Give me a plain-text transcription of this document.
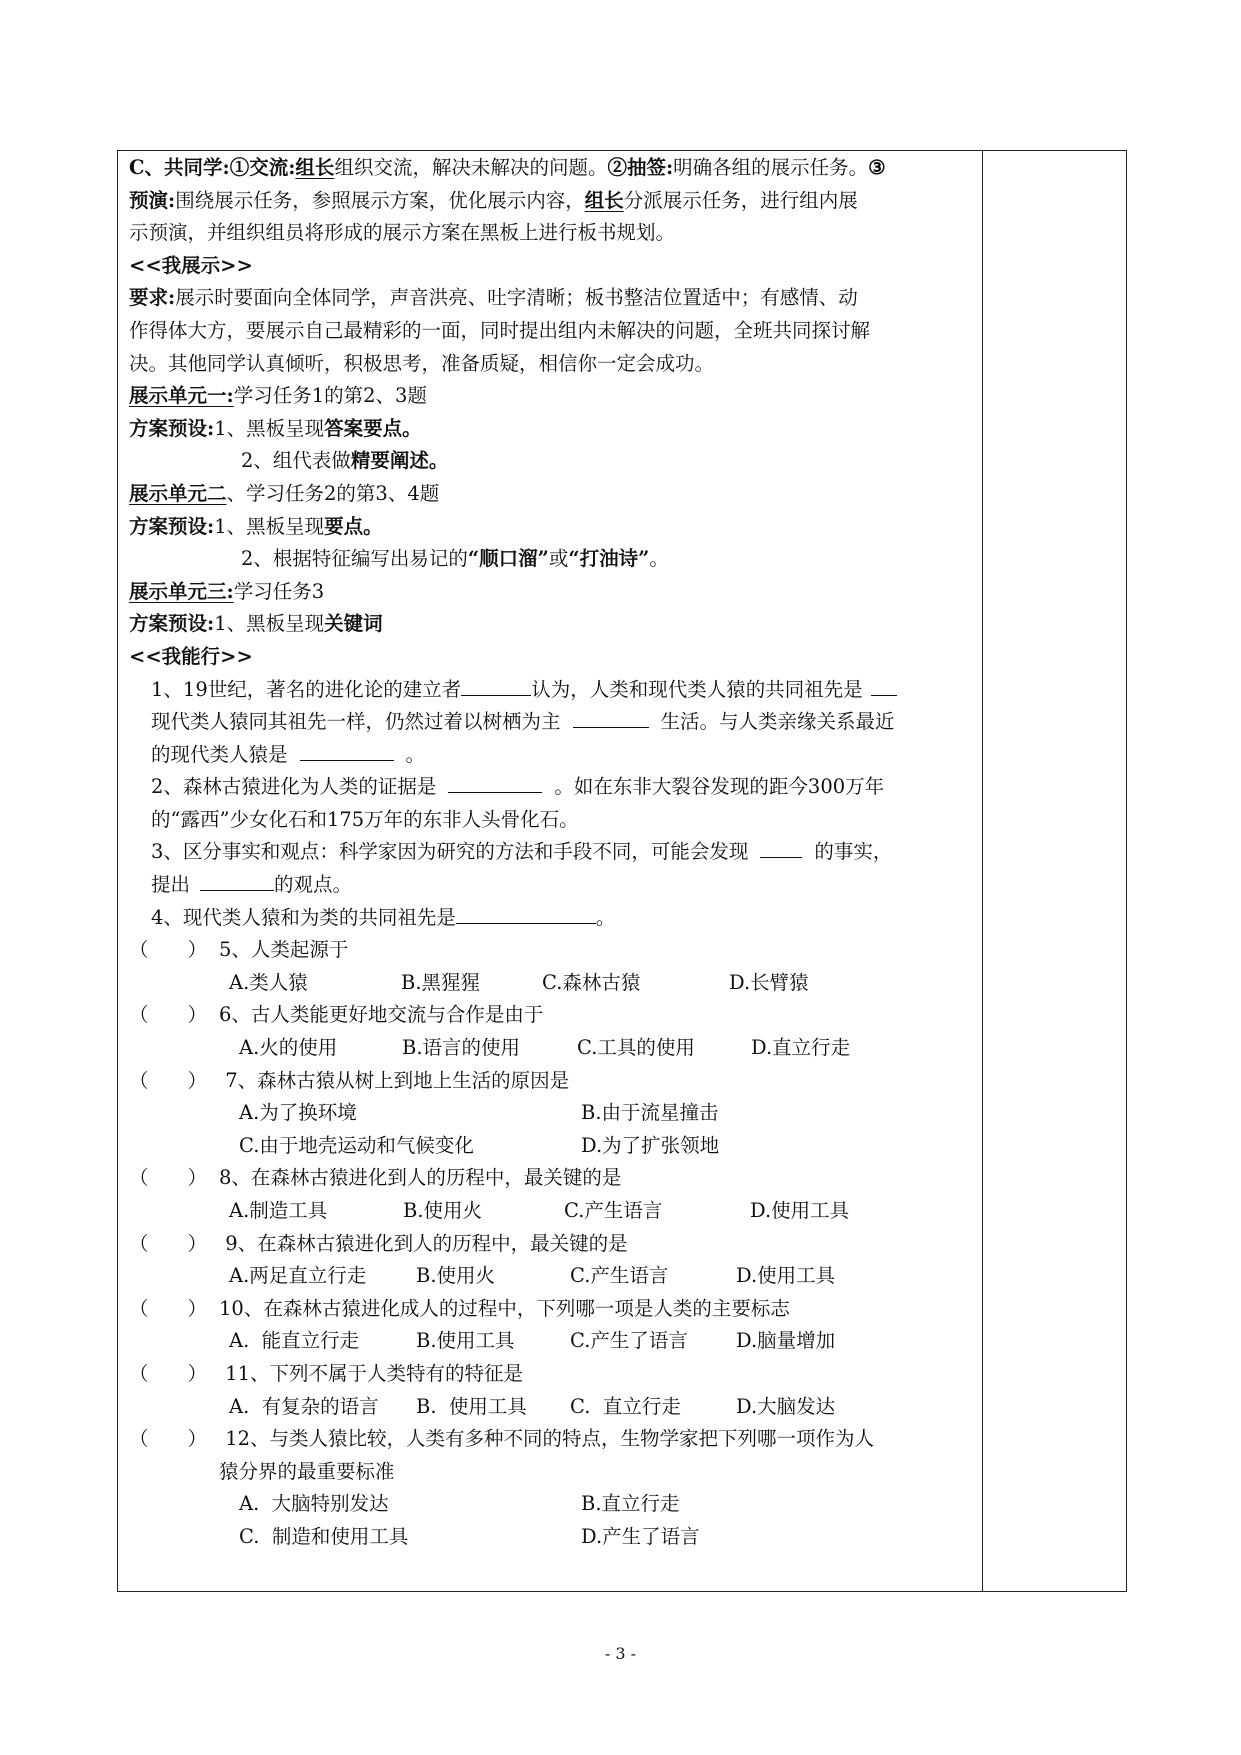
C、共同学:①交流:组长组织交流，解决未解决的问题。②抽签:明确各组的展示任务。③
预演:围绕展示任务，参照展示方案，优化展示内容，组长分派展示任务，进行组内展
示预演，并组织组员将形成的展示方案在黑板上进行板书规划。
<<我展示>>
要求:展示时要面向全体同学，声音洪亮、吐字清晰；板书整洁位置适中；有感情、动
作得体大方，要展示自己最精彩的一面，同时提出组内未解决的问题，全班共同探讨解
决。其他同学认真倾听，积极思考，准备质疑，相信你一定会成功。
展示单元一:学习任务1的第2、3题
方案预设:1、黑板呈现答案要点。
2、组代表做精要阐述。
展示单元二、学习任务2的第3、4题
方案预设:1、黑板呈现要点。
2、根据特征编写出易记的“顺口溜”或“打油诗”。
展示单元三:学习任务3
方案预设:1、黑板呈现关键词
<<我能行>>
1、19世纪，著名的进化论的建立者	认为，人类和现代类人猿的共同祖先是
现代类人猿同其祖先一样，仍然过着以树栖为主	生活。与人类亲缘关系最近
的现代类人猿是	。
2、森林古猿进化为人类的证据是	。如在东非大裂谷发现的距今300万年
的“露西”少女化石和175万年的东非人头骨化石。
3、区分事实和观点：科学家因为研究的方法和手段不同，可能会发现	的事实，
提出	的观点。
4、现代类人猿和为类的共同祖先是	。
（　　） 5、人类起源于
A.类人猿	B.黑猩猩	C.森林古猿	D.长臂猿
（　　） 6、古人类能更好地交流与合作是由于
A.火的使用	B.语言的使用	C.工具的使用	D.直立行走
（　　） 7、森林古猿从树上到地上生活的原因是
A.为了换环境	B.由于流星撞击
C.由于地壳运动和气候变化	D.为了扩张领地
（　　） 8、在森林古猿进化到人的历程中，最关键的是
A.制造工具	B.使用火	C.产生语言	D.使用工具
（　　） 9、在森林古猿进化到人的历程中，最关键的是
A.两足直立行走	B.使用火	C.产生语言	D.使用工具
（　　） 10、在森林古猿进化成人的过程中，下列哪一项是人类的主要标志
A.  能直立行走	B.使用工具	C.产生了语言 D.脑量增加
（　　） 11、下列不属于人类特有的特征是
A.  有复杂的语言 B.  使用工具 C.  直立行走	D.大脑发达
（　　） 12、与类人猿比较，人类有多种不同的特点，生物学家把下列哪一项作为人
猿分界的最重要标准
A.  大脑特别发达	B.直立行走
C.  制造和使用工具	D.产生了语言
- 3 -
